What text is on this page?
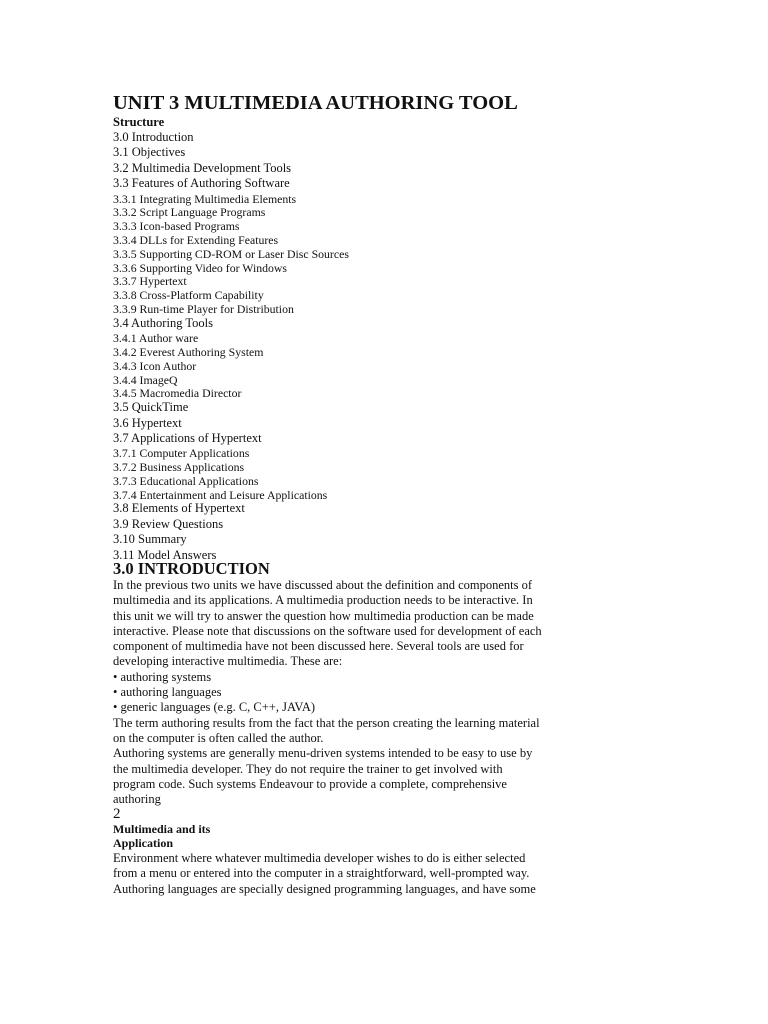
UNIT 3 MULTIMEDIA AUTHORING TOOL
Structure
3.0 Introduction
3.1 Objectives
3.2 Multimedia Development Tools
3.3 Features of Authoring Software
3.3.1 Integrating Multimedia Elements
3.3.2 Script Language Programs
3.3.3 Icon-based Programs
3.3.4 DLLs for Extending Features
3.3.5 Supporting CD-ROM or Laser Disc Sources
3.3.6 Supporting Video for Windows
3.3.7 Hypertext
3.3.8 Cross-Platform Capability
3.3.9 Run-time Player for Distribution
3.4 Authoring Tools
3.4.1 Author ware
3.4.2 Everest Authoring System
3.4.3 Icon Author
3.4.4 ImageQ
3.4.5 Macromedia Director
3.5 QuickTime
3.6 Hypertext
3.7 Applications of Hypertext
3.7.1 Computer Applications
3.7.2 Business Applications
3.7.3 Educational Applications
3.7.4 Entertainment and Leisure Applications
3.8 Elements of Hypertext
3.9 Review Questions
3.10 Summary
3.11 Model Answers
3.0 INTRODUCTION
In the previous two units we have discussed about the definition and components of
multimedia and its applications. A multimedia production needs to be interactive. In
this unit we will try to answer the question how multimedia production can be made
interactive. Please note that discussions on the software used for development of each
component of multimedia have not been discussed here. Several tools are used for
developing interactive multimedia. These are:
• authoring systems
• authoring languages
• generic languages (e.g. C, C++, JAVA)
The term authoring results from the fact that the person creating the learning material
on the computer is often called the author.
Authoring systems are generally menu-driven systems intended to be easy to use by
the multimedia developer. They do not require the trainer to get involved with
program code. Such systems Endeavour to provide a complete, comprehensive
authoring
2
Multimedia and its
Application
Environment where whatever multimedia developer wishes to do is either selected
from a menu or entered into the computer in a straightforward, well-prompted way.
Authoring languages are specially designed programming languages, and have some
